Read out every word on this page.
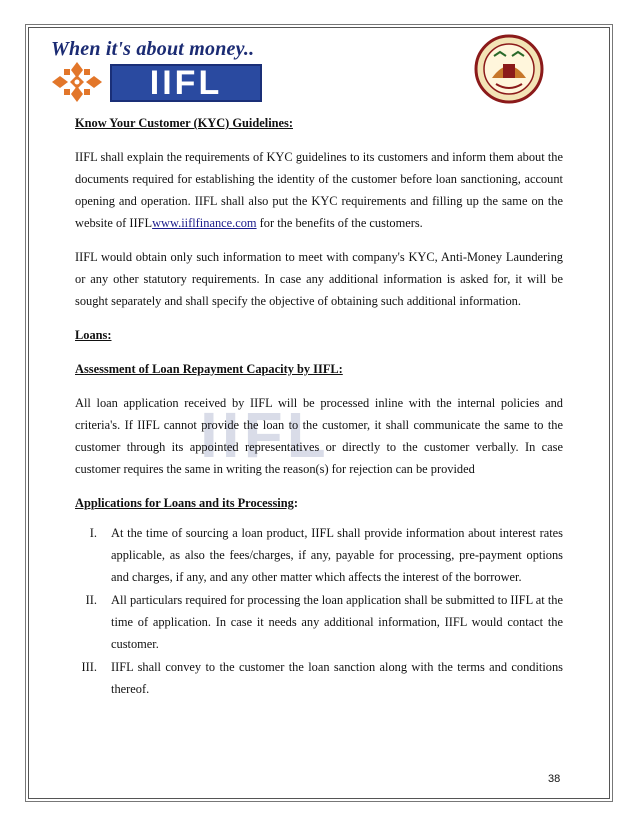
When it's about money..
IIFL
IIFL

Know Your Customer (KYC) Guidelines:

IIFL shall explain the requirements of KYC guidelines to its customers and inform them about the documents required for establishing the identity of the customer before loan sanctioning, account opening and operation. IIFL shall also put the KYC requirements and filling up the same on the website of IIFLwww.iiflfinance.com for the benefits of the customers.

IIFL would obtain only such information to meet with company's KYC, Anti-Money Laundering or any other statutory requirements. In case any additional information is asked for, it will be sought separately and shall specify the objective of obtaining such additional information.

Loans:

Assessment of Loan Repayment Capacity by IIFL:

All loan application received by IIFL will be processed inline with the internal policies and criteria's. If IIFL cannot provide the loan to the customer, it shall communicate the same to the customer through its appointed representatives or directly to the customer verbally. In case customer requires the same in writing the reason(s) for rejection can be provided

Applications for Loans and its Processing:

I. At the time of sourcing a loan product, IIFL shall provide information about interest rates applicable, as also the fees/charges, if any, payable for processing, pre-payment options and charges, if any, and any other matter which affects the interest of the borrower.
II. All particulars required for processing the loan application shall be submitted to IIFL at the time of application. In case it needs any additional information, IIFL would contact the customer.
III. IIFL shall convey to the customer the loan sanction along with the terms and conditions thereof.
38
